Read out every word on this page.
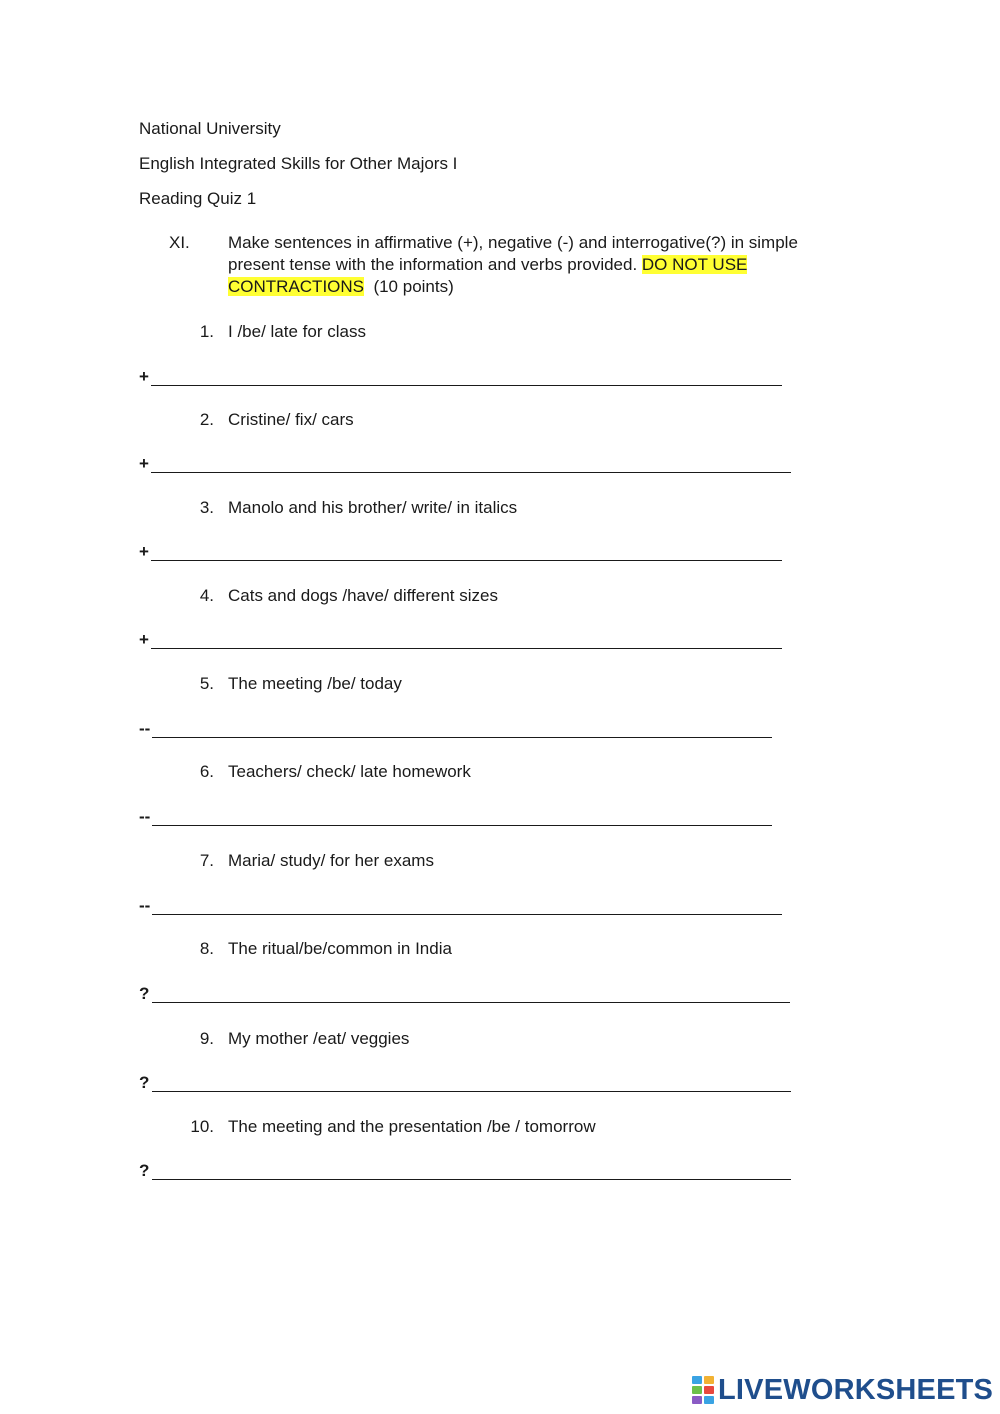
National University
English Integrated Skills for Other Majors I
Reading Quiz 1
XI. Make sentences in affirmative (+), negative (-) and interrogative(?) in simple present tense with the information and verbs provided. DO NOT USE CONTRACTIONS  (10 points)
1. I /be/ late for class
+
2. Cristine/ fix/ cars
+
3. Manolo and his brother/ write/ in italics
+
4. Cats and dogs /have/ different sizes
+
5. The meeting /be/ today
--
6. Teachers/ check/ late homework
--
7. Maria/ study/ for her exams
--
8. The ritual/be/common in India
?
9. My mother /eat/ veggies
?
10. The meeting and the presentation /be / tomorrow
?
LIVEWORKSHEETS
